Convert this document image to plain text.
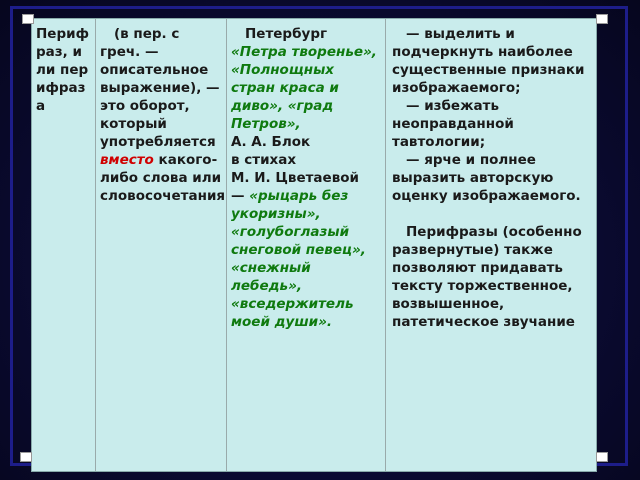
Перифраз, или перифраза
(в пер. с греч. — описательное выражение), — это оборот, который употребляется вместо какого-либо слова или словосочетания
Петербург
«Петра творенье», «Полнощных стран краса и диво», «град Петров»,
А. А. Блок
в стихах
М. И. Цветаевой
— «рыцарь без укоризны», «голубоглазый снеговой певец», «снежный лебедь», «вседержитель моей души».
— выделить и подчеркнуть наиболее существенные признаки изображаемого;
— избежать неоправданной тавтологии;
— ярче и полнее выразить авторскую оценку изображаемого.
Перифразы (особенно развернутые) также позволяют придавать тексту торжественное, возвышенное, патетическое звучание
